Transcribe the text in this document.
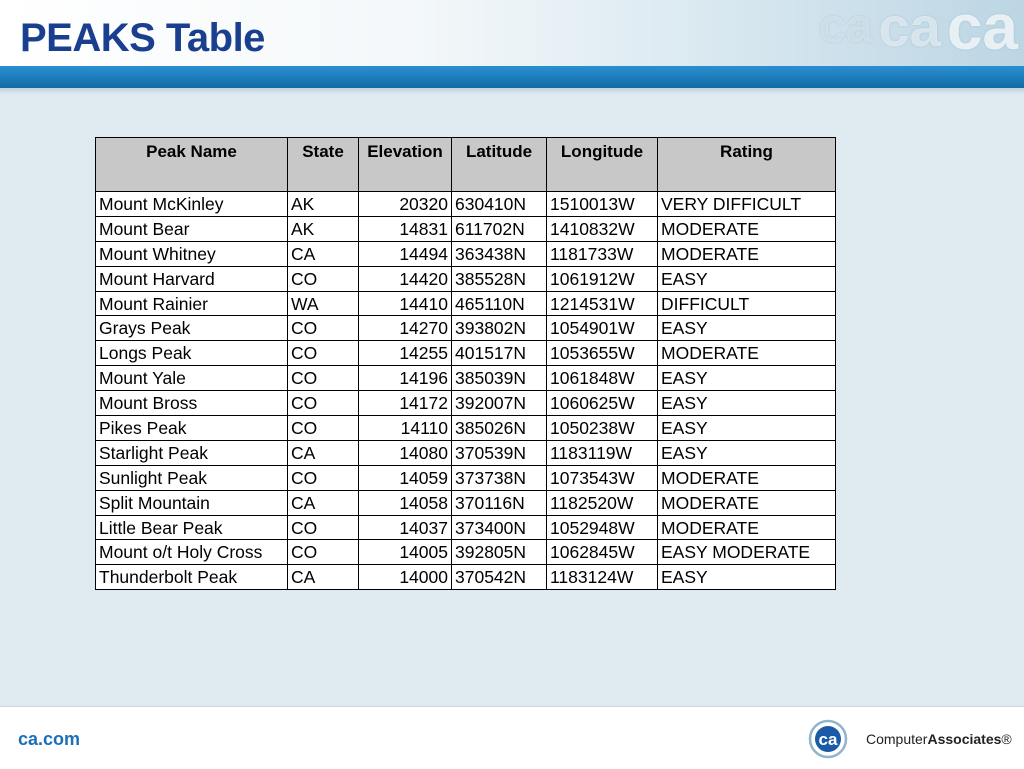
PEAKS Table	ca ca ca
Peak Name	State	Elevation	Latitude	Longitude	Rating
Mount McKinley	AK	20320	630410N	1510013W	VERY DIFFICULT
Mount Bear	AK	14831	611702N	1410832W	MODERATE
Mount Whitney	CA	14494	363438N	1181733W	MODERATE
Mount Harvard	CO	14420	385528N	1061912W	EASY
Mount Rainier	WA	14410	465110N	1214531W	DIFFICULT
Grays Peak	CO	14270	393802N	1054901W	EASY
Longs Peak	CO	14255	401517N	1053655W	MODERATE
Mount Yale	CO	14196	385039N	1061848W	EASY
Mount Bross	CO	14172	392007N	1060625W	EASY
Pikes Peak	CO	14110	385026N	1050238W	EASY
Starlight Peak	CA	14080	370539N	1183119W	EASY
Sunlight Peak	CO	14059	373738N	1073543W	MODERATE
Split Mountain	CA	14058	370116N	1182520W	MODERATE
Little Bear Peak	CO	14037	373400N	1052948W	MODERATE
Mount o/t Holy Cross	CO	14005	392805N	1062845W	EASY MODERATE
Thunderbolt Peak	CA	14000	370542N	1183124W	EASY
ca.com	ca ComputerAssociates®
